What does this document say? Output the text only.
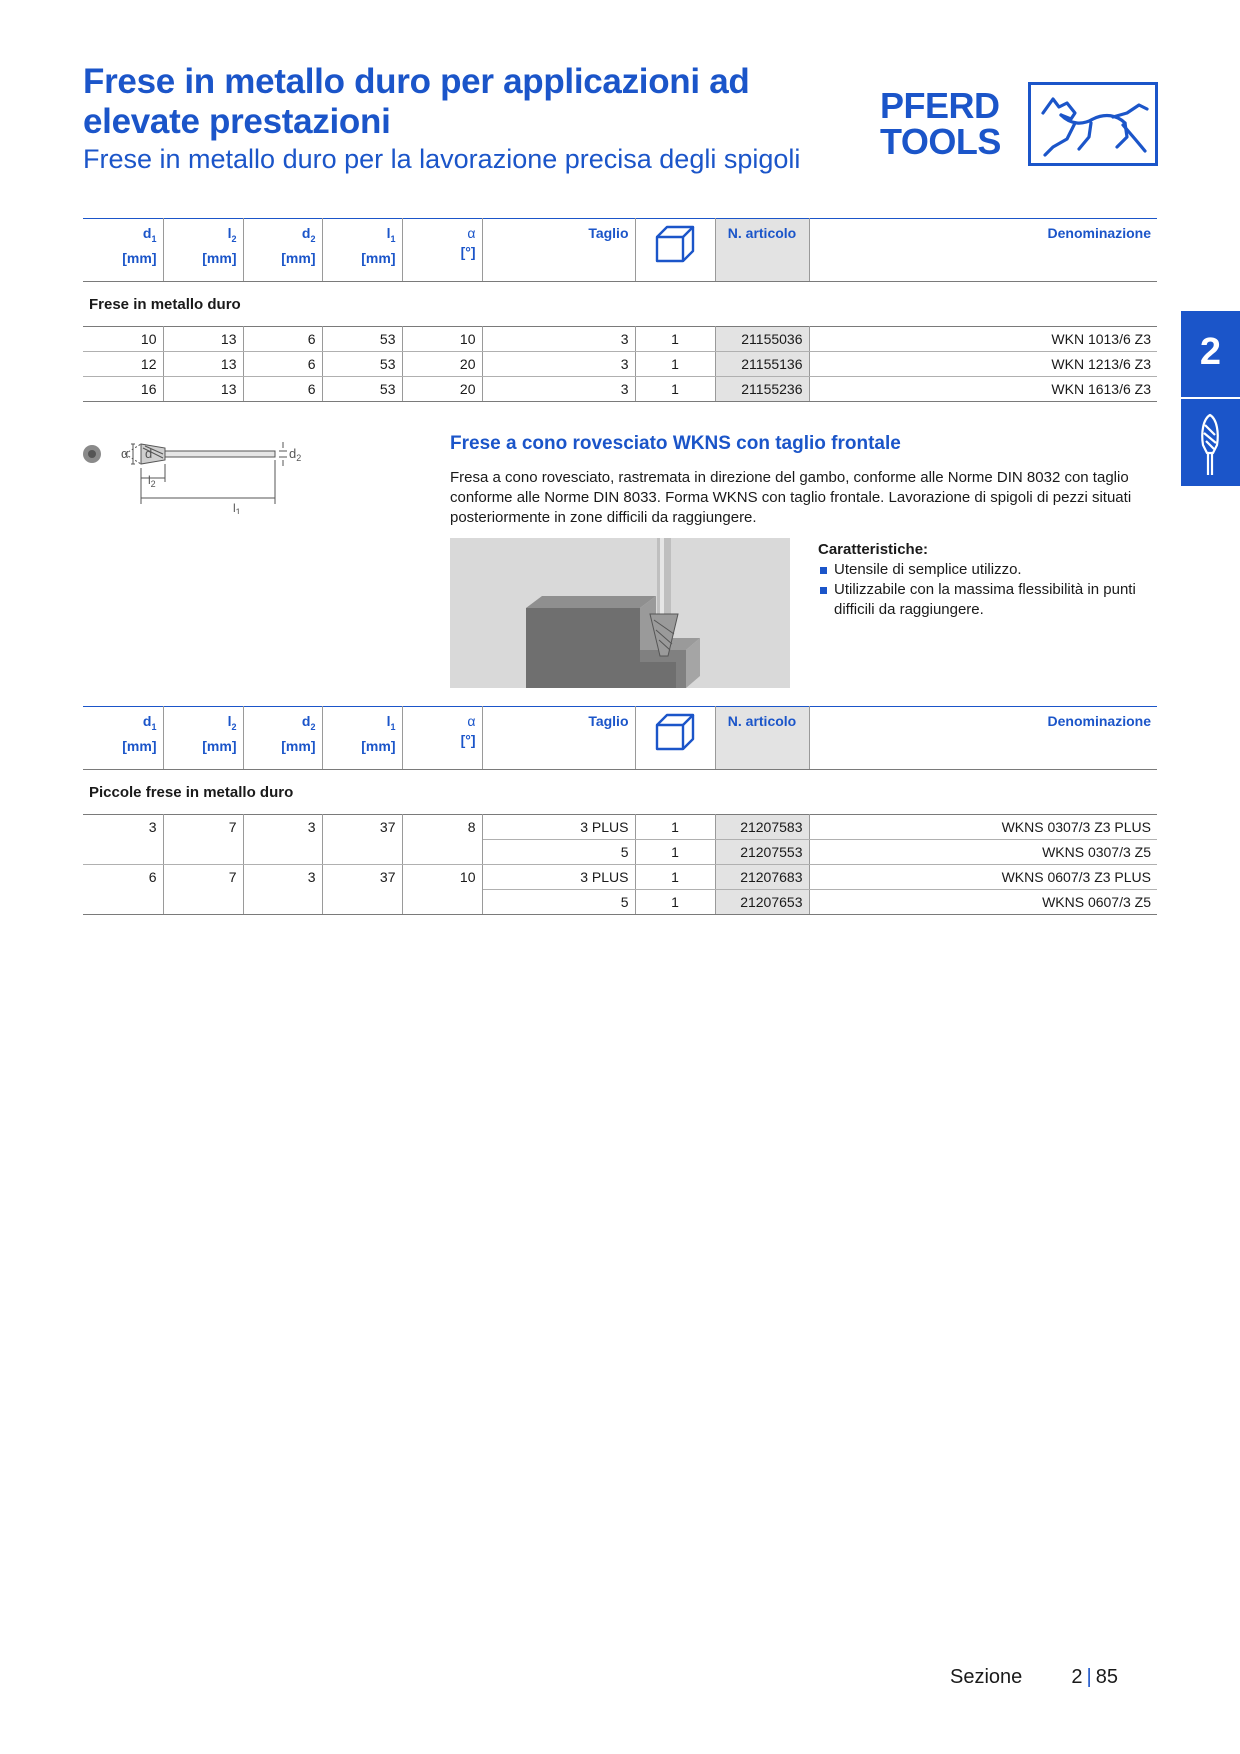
Frese in metallo duro per applicazioni ad elevate prestazioni
Frese in metallo duro per la lavorazione precisa degli spigoli
PFERD
TOOLS
2
$d_1$
[mm]	$l_2$
[mm]	$d_2$
[mm]	$l_1$
[mm]	α
[°]	Taglio		N. articolo	Denominazione
Frese in metallo duro								
10	13	6	53	10	3	1	21155036	WKN 1013/6 Z3
12	13	6	53	20	3	1	21155136	WKN 1213/6 Z3
16	13	6	53	20	3	1	21155236	WKN 1613/6 Z3
α d	$d_2$
$l_2$
$l_1$
Frese a cono rovesciato WKNS con taglio frontale

Fresa a cono rovesciato, rastremata in direzione del gambo, conforme alle Norme DIN 8032 con taglio conforme alle Norme DIN 8033. Forma WKNS con taglio frontale. Lavorazione di spigoli di pezzi situati posteriormente in zone difficili da raggiungere.

Caratteristiche:
Utensile di semplice utilizzo.
Utilizzabile con la massima flessibilità in punti difficili da raggiungere.
$d_1$
[mm]	$l_2$
[mm]	$d_2$
[mm]	$l_1$
[mm]	α
[°]	Taglio		N. articolo	Denominazione
Piccole frese in metallo duro								
3	7	3	37	8	3 PLUS	1	21207583	WKNS 0307/3 Z3 PLUS
					5	1	21207553	WKNS 0307/3 Z5
6	7	3	37	10	3 PLUS	1	21207683	WKNS 0607/3 Z3 PLUS
					5	1	21207653	WKNS 0607/3 Z5
Sezione 2 | 85
